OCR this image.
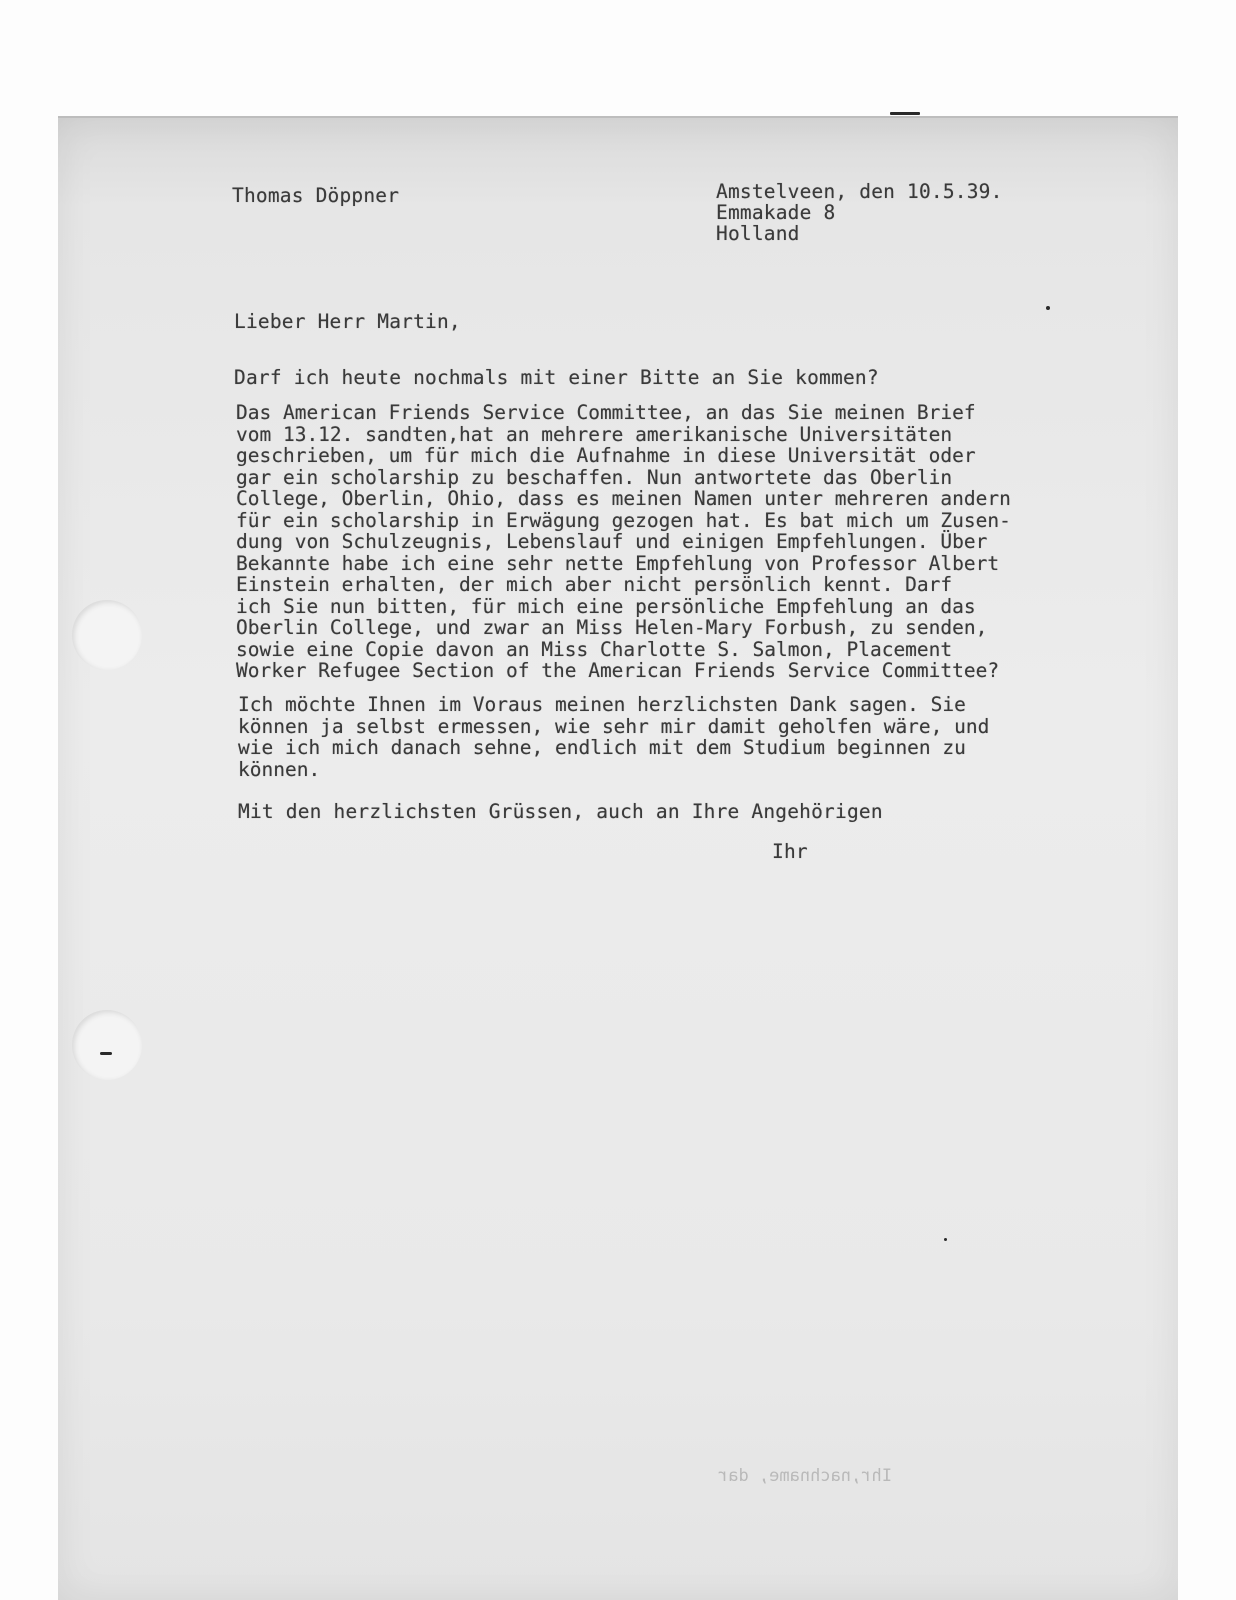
Thomas Döppner	Amstelveen, den 10.5.39.
Emmakade 8
Holland
Lieber Herr Martin,
Darf ich heute nochmals mit einer Bitte an Sie kommen?
Das American Friends Service Committee, an das Sie meinen Brief
vom 13.12. sandten,hat an mehrere amerikanische Universitäten
geschrieben, um für mich die Aufnahme in diese Universität oder
gar ein scholarship zu beschaffen. Nun antwortete das Oberlin
College, Oberlin, Ohio, dass es meinen Namen unter mehreren andern
für ein scholarship in Erwägung gezogen hat. Es bat mich um Zusen-
dung von Schulzeugnis, Lebenslauf und einigen Empfehlungen. Über
Bekannte habe ich eine sehr nette Empfehlung von Professor Albert
Einstein erhalten, der mich aber nicht persönlich kennt. Darf
ich Sie nun bitten, für mich eine persönliche Empfehlung an das
Oberlin College, und zwar an Miss Helen-Mary Forbush, zu senden,
sowie eine Copie davon an Miss Charlotte S. Salmon, Placement
Worker Refugee Section of the American Friends Service Committee?
Ich möchte Ihnen im Voraus meinen herzlichsten Dank sagen. Sie
können ja selbst ermessen, wie sehr mir damit geholfen wäre, und
wie ich mich danach sehne, endlich mit dem Studium beginnen zu
können.
Mit den herzlichsten Grüssen, auch an Ihre Angehörigen
Ihr
Ihr,nachname, dar
